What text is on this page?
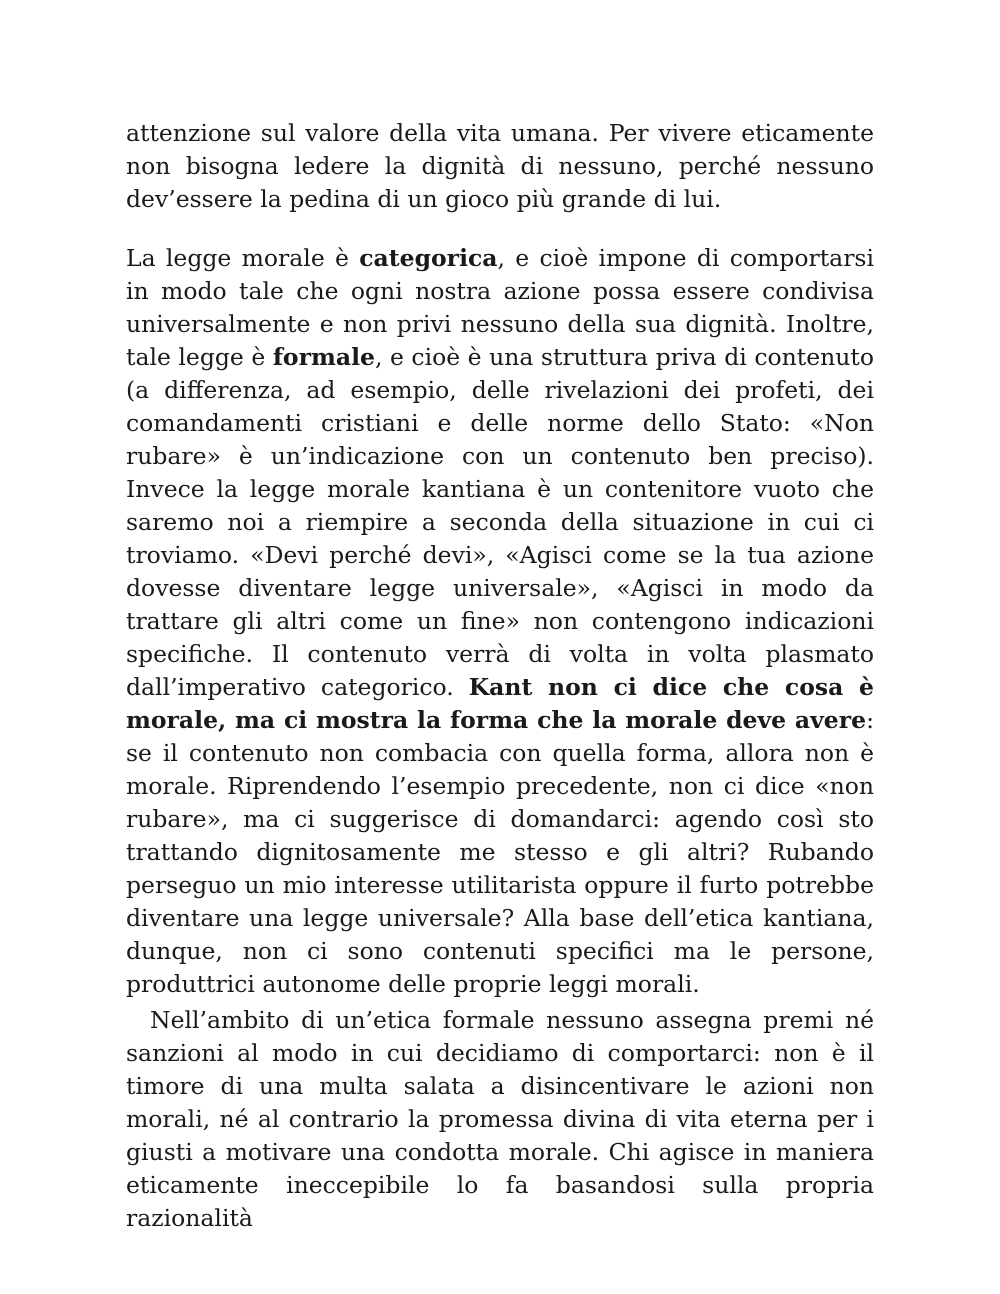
attenzione sul valore della vita umana. Per vivere eticamente non bisogna ledere la dignità di nessuno, perché nessuno dev’essere la pedina di un gioco più grande di lui.

La legge morale è categorica, e cioè impone di comportarsi in modo tale che ogni nostra azione possa essere condivisa universalmente e non privi nessuno della sua dignità. Inoltre, tale legge è formale, e cioè è una struttura priva di contenuto (a differenza, ad esempio, delle rivelazioni dei profeti, dei comandamenti cristiani e delle norme dello Stato: «Non rubare» è un’indicazione con un contenuto ben preciso). Invece la legge morale kantiana è un contenitore vuoto che saremo noi a riempire a seconda della situazione in cui ci troviamo. «Devi perché devi», «Agisci come se la tua azione dovesse diventare legge universale», «Agisci in modo da trattare gli altri come un fine» non contengono indicazioni specifiche. Il contenuto verrà di volta in volta plasmato dall’imperativo categorico. Kant non ci dice che cosa è morale, ma ci mostra la forma che la morale deve avere: se il contenuto non combacia con quella forma, allora non è morale. Riprendendo l’esempio precedente, non ci dice «non rubare», ma ci suggerisce di domandarci: agendo così sto trattando dignitosamente me stesso e gli altri? Rubando perseguo un mio interesse utilitarista oppure il furto potrebbe diventare una legge universale? Alla base dell’etica kantiana, dunque, non ci sono contenuti specifici ma le persone, produttrici autonome delle proprie leggi morali.

Nell’ambito di un’etica formale nessuno assegna premi né sanzioni al modo in cui decidiamo di comportarci: non è il timore di una multa salata a disincentivare le azioni non morali, né al contrario la promessa divina di vita eterna per i giusti a motivare una condotta morale. Chi agisce in maniera eticamente ineccepibile lo fa basandosi sulla propria razionalità
